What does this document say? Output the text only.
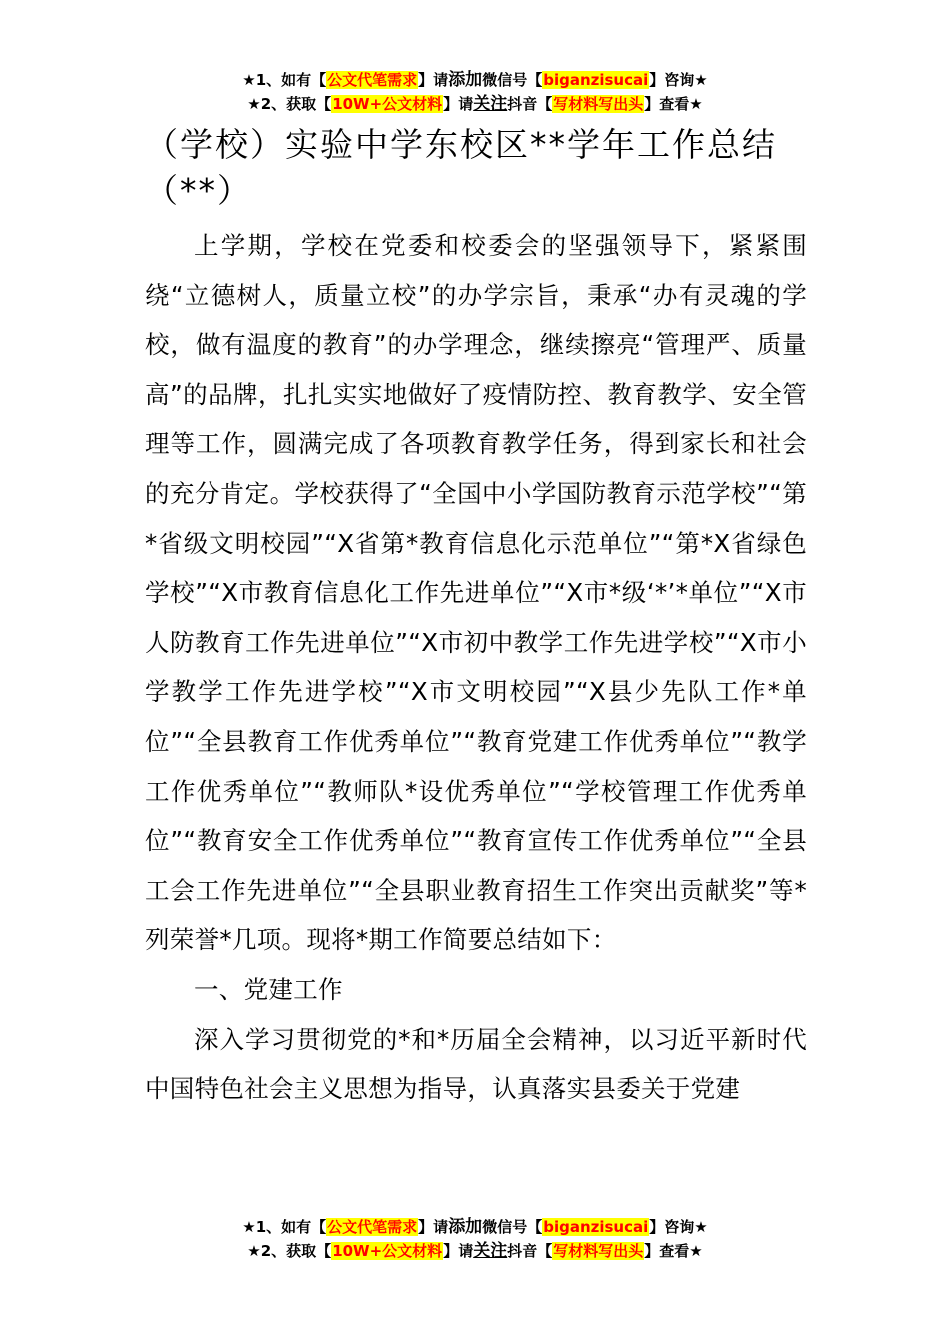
★1、如有【公文代笔需求】请添加微信号【biganzisucai】咨询★
★2、获取【10W+公文材料】请关注抖音【写材料写出头】查看★
（学校）实验中学东校区**学年工作总结（**）

上学期，学校在党委和校委会的坚强领导下，紧紧围绕“立德树人，质量立校”的办学宗旨，秉承“办有灵魂的学校，做有温度的教育”的办学理念，继续擦亮“管理严、质量高”的品牌，扎扎实实地做好了疫情防控、教育教学、安全管理等工作，圆满完成了各项教育教学任务，得到家长和社会的充分肯定。学校获得了“全国中小学国防教育示范学校”“第*省级文明校园”“X省第*教育信息化示范单位”“第*X省绿色学校”“X市教育信息化工作先进单位”“X市*级‘*’*单位”“X市人防教育工作先进单位”“X市初中教学工作先进学校”“X市小学教学工作先进学校”“X市文明校园”“X县少先队工作*单位”“全县教育工作优秀单位”“教育党建工作优秀单位”“教学工作优秀单位”“教师队*设优秀单位”“学校管理工作优秀单位”“教育安全工作优秀单位”“教育宣传工作优秀单位”“全县工会工作先进单位”“全县职业教育招生工作突出贡献奖”等*列荣誉*几项。现将*期工作简要总结如下：

一、党建工作

深入学习贯彻党的*和*历届全会精神，以习近平新时代中国特色社会主义思想为指导，认真落实县委关于党建

★1、如有【公文代笔需求】请添加微信号【biganzisucai】咨询★
★2、获取【10W+公文材料】请关注抖音【写材料写出头】查看★
